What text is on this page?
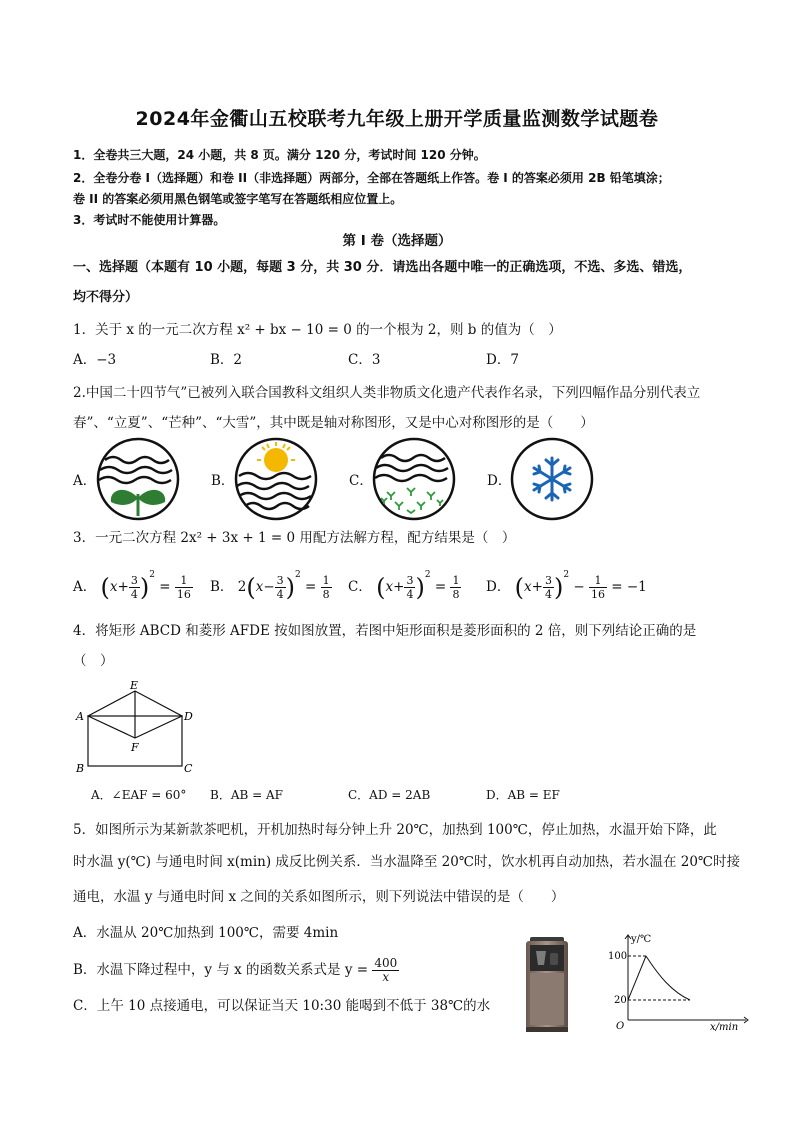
2024年金衢山五校联考九年级上册开学质量监测数学试题卷
1．全卷共三大题，24 小题，共 8 页。满分 120 分，考试时间 120 分钟。
2．全卷分卷 I（选择题）和卷 II（非选择题）两部分，全部在答题纸上作答。卷 I 的答案必须用 2B 铅笔填涂；
卷 II 的答案必须用黑色钢笔或签字笔写在答题纸相应位置上。
3．考试时不能使用计算器。
第 I 卷（选择题）
一、选择题（本题有 10 小题，每题 3 分，共 30 分．请选出各题中唯一的正确选项，不选、多选、错选，
均不得分）
1．关于 x 的一元二次方程 x² + bx − 10 = 0 的一个根为 2，则 b 的值为（　）
A．−3	B．2	C．3	D．7
2.中国二十四节气”已被列入联合国教科文组织人类非物质文化遗产代表作名录，下列四幅作品分别代表立
春”、“立夏”、“芒种”、“大雪”，其中既是轴对称图形，又是中心对称图形的是（　　）
A．	B．	C．	D．
3．一元二次方程 2x² + 3x + 1 = 0 用配方法解方程，配方结果是（　）
A． $(x+ \frac{3}{4} )^2 = \frac{1}{16}$ B． $2(x- \frac{3}{4} )^2 = \frac{1}{8}$ C． $(x+ \frac{3}{4} )^2 = \frac{1}{8}$ D． $(x+ \frac{3}{4} )^2 - \frac{1}{16} = -1$
4．将矩形 ABCD 和菱形 AFDE 按如图放置，若图中矩形面积是菱形面积的 2 倍，则下列结论正确的是
（　）
E
A	D
F
B	C
A．∠EAF = 60° B．AB = AF	C．AD = 2AB	D．AB = EF
5．如图所示为某新款茶吧机，开机加热时每分钟上升 20℃，加热到 100℃，停止加热，水温开始下降，此
时水温 y(℃) 与通电时间 x(min) 成反比例关系．当水温降至 20℃时，饮水机再自动加热，若水温在 20℃时接
通电，水温 y 与通电时间 x 之间的关系如图所示，则下列说法中错误的是（　　）
A．水温从 20℃加热到 100℃，需要 4min
B．水温下降过程中，y 与 x 的函数关系式是 $y = \frac{400}{x}$
C．上午 10 点接通电，可以保证当天 10:30 能喝到不低于 38℃的水
y/℃
x/min
O
100
20
